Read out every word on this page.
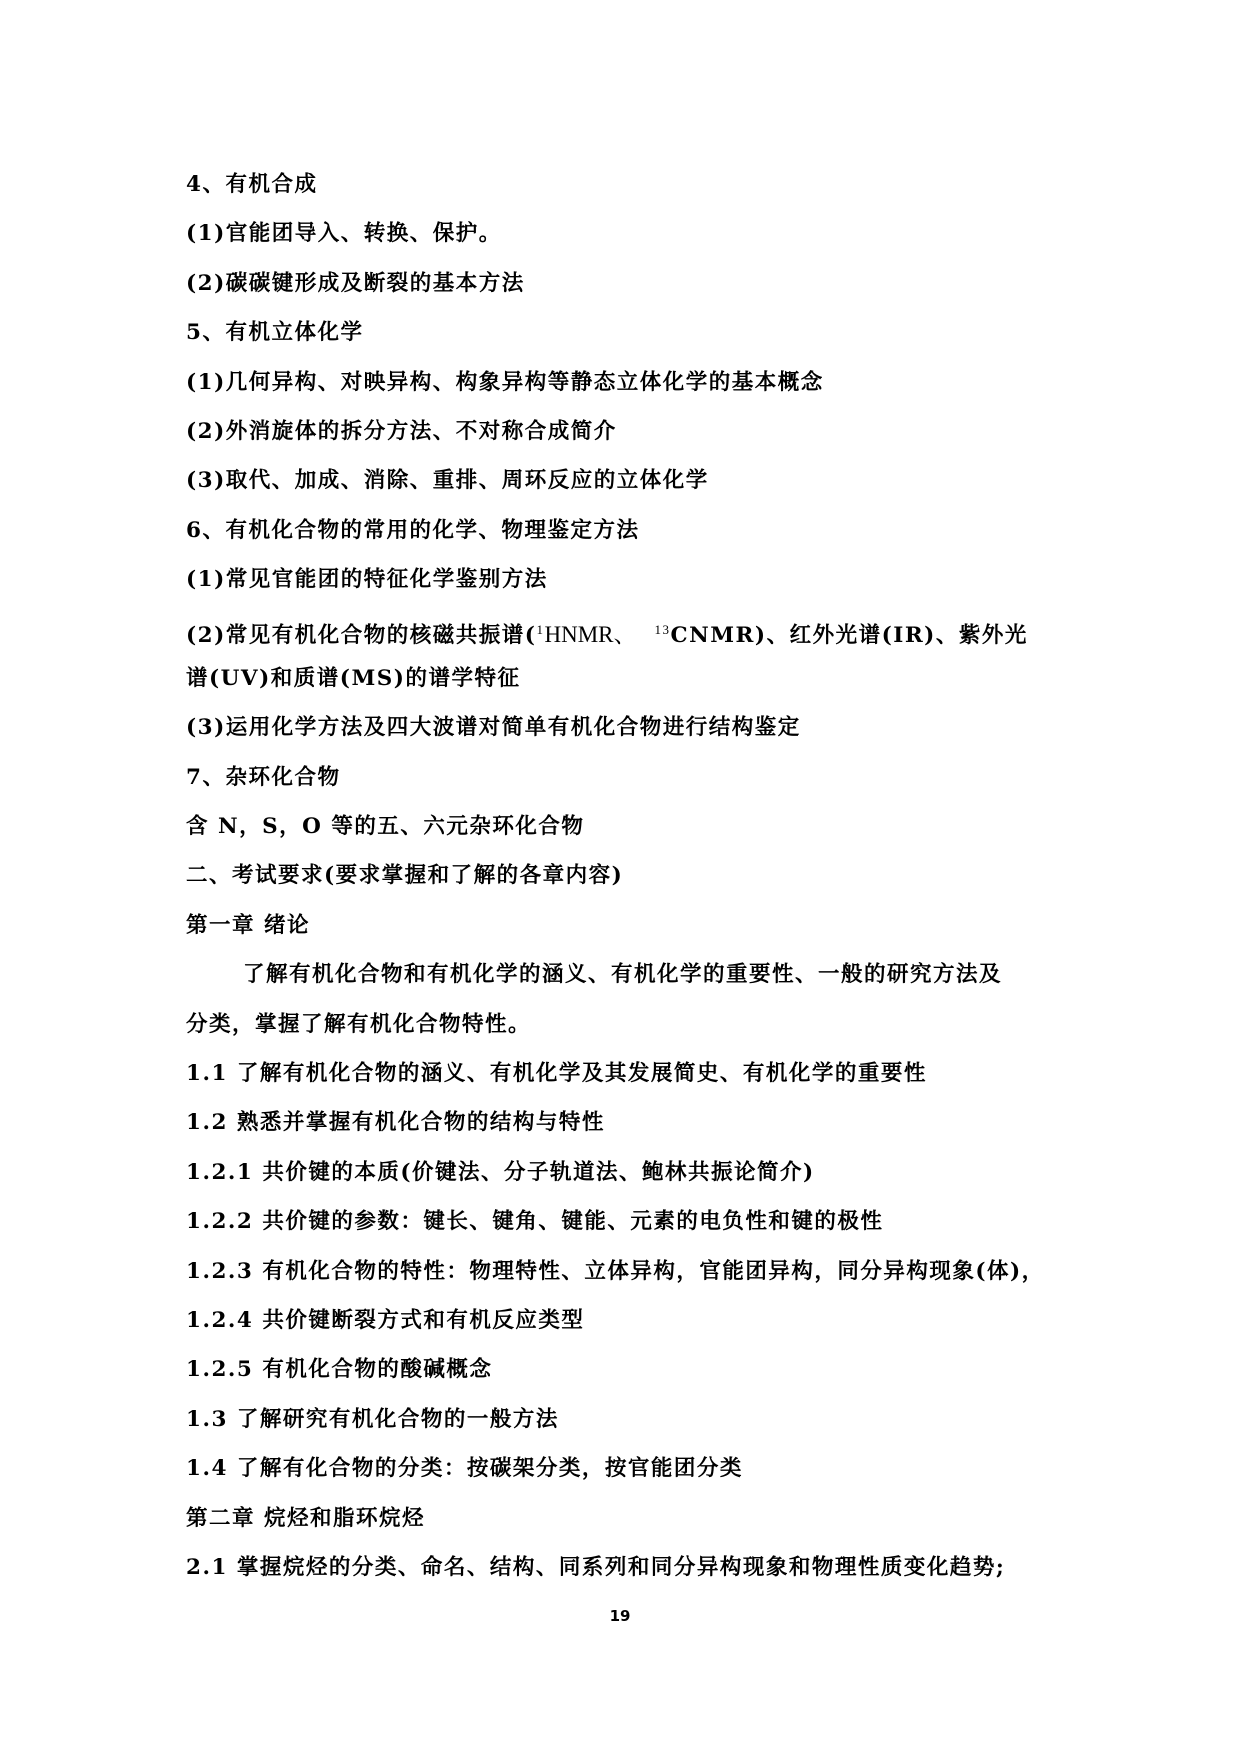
4、有机合成
(1)官能团导入、转换、保护。
(2)碳碳键形成及断裂的基本方法
5、有机立体化学
(1)几何异构、对映异构、构象异构等静态立体化学的基本概念
(2)外消旋体的拆分方法、不对称合成简介
(3)取代、加成、消除、重排、周环反应的立体化学
6、有机化合物的常用的化学、物理鉴定方法
(1)常见官能团的特征化学鉴别方法
(2)常见有机化合物的核磁共振谱($^1$HNMR、 $^{13}$CNMR)、红外光谱(IR)、紫外光
谱(UV)和质谱(MS)的谱学特征
(3)运用化学方法及四大波谱对简单有机化合物进行结构鉴定
7、杂环化合物
含 N，S，O 等的五、六元杂环化合物
二、考试要求(要求掌握和了解的各章内容)
第一章 绪论
了解有机化合物和有机化学的涵义、有机化学的重要性、一般的研究方法及
分类，掌握了解有机化合物特性。
1.1 了解有机化合物的涵义、有机化学及其发展简史、有机化学的重要性
1.2 熟悉并掌握有机化合物的结构与特性
1.2.1 共价键的本质(价键法、分子轨道法、鲍林共振论简介)
1.2.2 共价键的参数：键长、键角、键能、元素的电负性和键的极性
1.2.3 有机化合物的特性：物理特性、立体异构，官能团异构，同分异构现象(体)，
1.2.4 共价键断裂方式和有机反应类型
1.2.5 有机化合物的酸碱概念
1.3 了解研究有机化合物的一般方法
1.4 了解有化合物的分类：按碳架分类，按官能团分类
第二章 烷烃和脂环烷烃
2.1 掌握烷烃的分类、命名、结构、同系列和同分异构现象和物理性质变化趋势;
19
